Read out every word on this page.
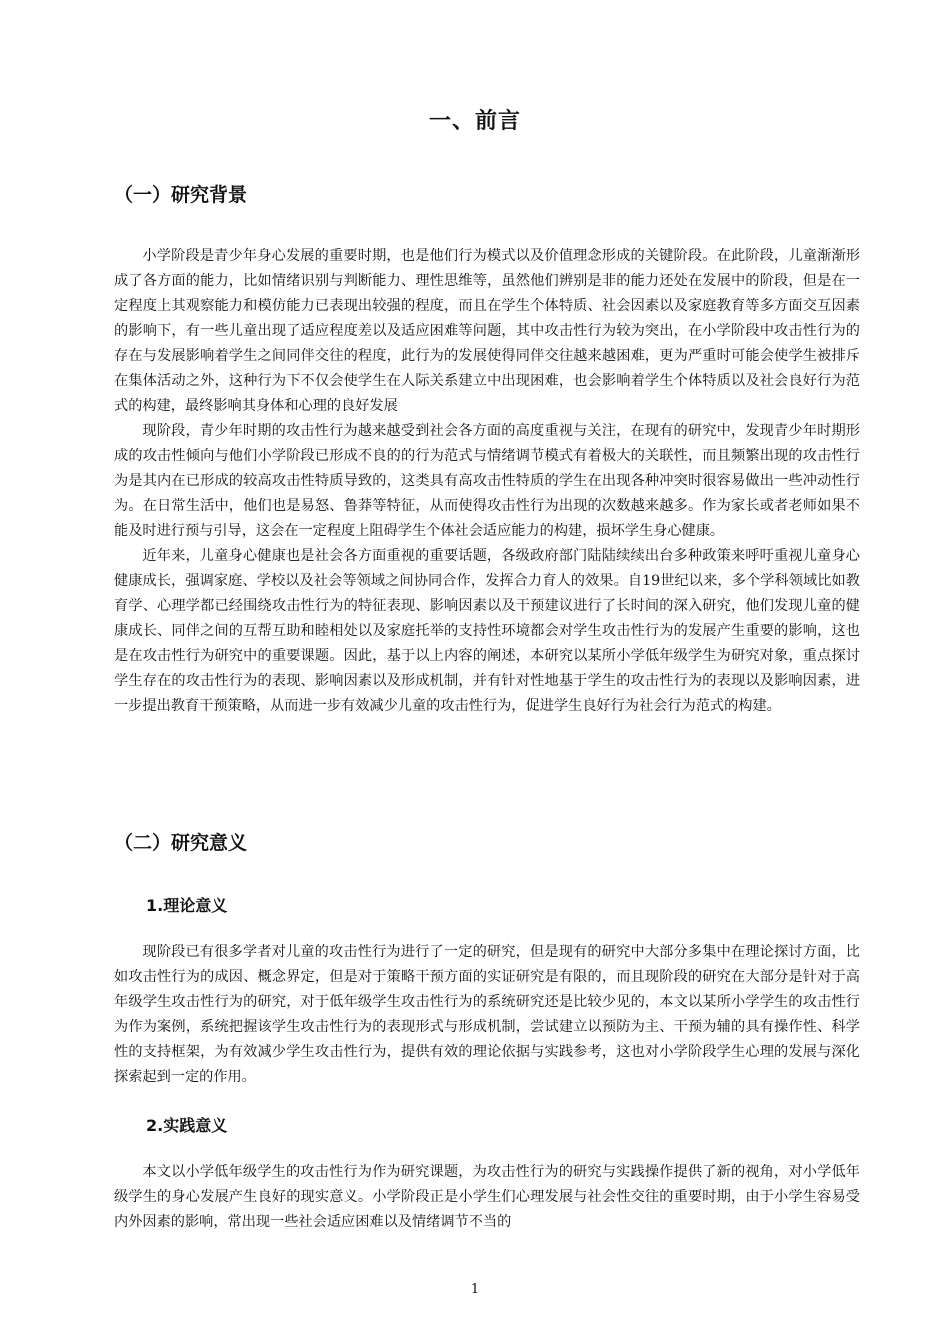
一、前言
（一）研究背景

小学阶段是青少年身心发展的重要时期，也是他们行为模式以及价值理念形成的关键阶段。在此阶段，儿童渐渐形成了各方面的能力，比如情绪识别与判断能力、理性思维等，虽然他们辨别是非的能力还处在发展中的阶段，但是在一定程度上其观察能力和模仿能力已表现出较强的程度，而且在学生个体特质、社会因素以及家庭教育等多方面交互因素的影响下，有一些儿童出现了适应程度差以及适应困难等问题，其中攻击性行为较为突出，在小学阶段中攻击性行为的存在与发展影响着学生之间同伴交往的程度，此行为的发展使得同伴交往越来越困难，更为严重时可能会使学生被排斥在集体活动之外，这种行为下不仅会使学生在人际关系建立中出现困难，也会影响着学生个体特质以及社会良好行为范式的构建，最终影响其身体和心理的良好发展

现阶段，青少年时期的攻击性行为越来越受到社会各方面的高度重视与关注，在现有的研究中，发现青少年时期形成的攻击性倾向与他们小学阶段已形成不良的的行为范式与情绪调节模式有着极大的关联性，而且频繁出现的攻击性行为是其内在已形成的较高攻击性特质导致的，这类具有高攻击性特质的学生在出现各种冲突时很容易做出一些冲动性行为。在日常生活中，他们也是易怒、鲁莽等特征，从而使得攻击性行为出现的次数越来越多。作为家长或者老师如果不能及时进行预与引导，这会在一定程度上阻碍学生个体社会适应能力的构建，损坏学生身心健康。

近年来，儿童身心健康也是社会各方面重视的重要话题，各级政府部门陆陆续续出台多种政策来呼吁重视儿童身心健康成长，强调家庭、学校以及社会等领域之间协同合作，发挥合力育人的效果。自19世纪以来，多个学科领域比如教育学、心理学都已经围绕攻击性行为的特征表现、影响因素以及干预建议进行了长时间的深入研究，他们发现儿童的健康成长、同伴之间的互帮互助和睦相处以及家庭托举的支持性环境都会对学生攻击性行为的发展产生重要的影响，这也是在攻击性行为研究中的重要课题。因此，基于以上内容的阐述，本研究以某所小学低年级学生为研究对象，重点探讨学生存在的攻击性行为的表现、影响因素以及形成机制，并有针对性地基于学生的攻击性行为的表现以及影响因素，进一步提出教育干预策略，从而进一步有效减少儿童的攻击性行为，促进学生良好行为社会行为范式的构建。

（二）研究意义
1.理论意义

现阶段已有很多学者对儿童的攻击性行为进行了一定的研究，但是现有的研究中大部分多集中在理论探讨方面，比如攻击性行为的成因、概念界定，但是对于策略干预方面的实证研究是有限的，而且现阶段的研究在大部分是针对于高年级学生攻击性行为的研究，对于低年级学生攻击性行为的系统研究还是比较少见的，本文以某所小学学生的攻击性行为作为案例，系统把握该学生攻击性行为的表现形式与形成机制，尝试建立以预防为主、干预为辅的具有操作性、科学性的支持框架，为有效减少学生攻击性行为，提供有效的理论依据与实践参考，这也对小学阶段学生心理的发展与深化探索起到一定的作用。

2.实践意义

本文以小学低年级学生的攻击性行为作为研究课题，为攻击性行为的研究与实践操作提供了新的视角，对小学低年级学生的身心发展产生良好的现实意义。小学阶段正是小学生们心理发展与社会性交往的重要时期，由于小学生容易受内外因素的影响，常出现一些社会适应困难以及情绪调节不当的

1
